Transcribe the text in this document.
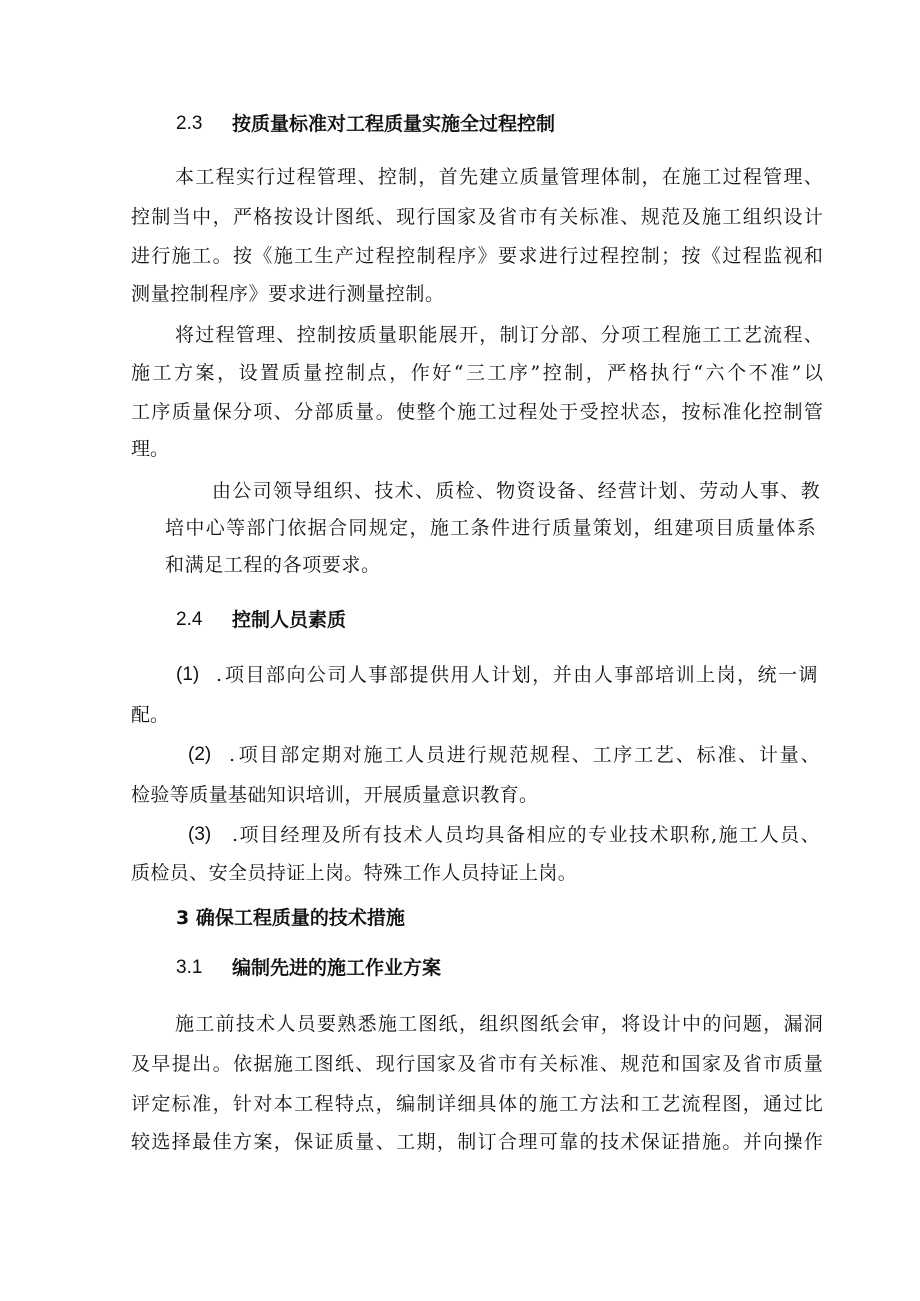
2.3 按质量标准对工程质量实施全过程控制
本 工 程 实 行 过 程 管 理 、 控 制 ， 首 先 建 立 质 量 管 理 体 制 ， 在 施 工 过 程 管 理 、
控 制 当 中 ， 严 格 按 设 计 图 纸 、 现 行 国 家 及 省 市 有 关 标 准 、 规 范 及 施 工 组 织 设 计
进 行 施 工 。 按 《 施 工 生 产 过 程 控 制 程 序 》 要 求 进 行 过 程 控 制 ； 按 《 过 程 监 视 和
测量控制程序》要求进行测量控制。
将 过 程 管 理 、 控 制 按 质 量 职 能 展 开 ， 制 订 分 部 、 分 项 工 程 施 工 工 艺 流 程 、
施 工 方 案 ， 设 置 质 量 控 制 点 ， 作 好 “ 三 工 序 ” 控 制 ， 严 格 执 行 “ 六 个 不 准 ” 以
工 序 质 量 保 分 项 、 分 部 质 量 。 使 整 个 施 工 过 程 处 于 受 控 状 态 ， 按 标 准 化 控 制 管
理。
由 公 司 领 导 组 织 、 技 术 、 质 检 、 物 资 设 备 、 经 营 计 划 、 劳 动 人 事 、 教
培 中 心 等 部 门 依 据 合 同 规 定 ， 施 工 条 件 进 行 质 量 策 划 ， 组 建 项 目 质 量 体 系
和满足工程的各项要求。
2.4 控制人员素质
(1) . 项 目 部 向 公 司 人 事 部 提 供 用 人 计 划 ， 并 由 人 事 部 培 训 上 岗 ， 统 一 调
配。
(2) . 项 目 部 定 期 对 施 工 人 员 进 行 规 范 规 程 、 工 序 工 艺 、 标 准 、 计 量 、
检验等质量基础知识培训，开展质量意识教育。
(3) . 项 目 经 理 及 所 有 技 术 人 员 均 具 备 相 应 的 专 业 技 术 职 称 , 施 工 人 员 、
质检员、安全员持证上岗。特殊工作人员持证上岗。
3 确保工程质量的技术措施
3.1 编制先进的施工作业方案
施 工 前 技 术 人 员 要 熟 悉 施 工 图 纸 ， 组 织 图 纸 会 审 ， 将 设 计 中 的 问 题 ， 漏 洞
及 早 提 出 。 依 据 施 工 图 纸 、 现 行 国 家 及 省 市 有 关 标 准 、 规 范 和 国 家 及 省 市 质 量
评 定 标 准 ， 针 对 本 工 程 特 点 ， 编 制 详 细 具 体 的 施 工 方 法 和 工 艺 流 程 图 ， 通 过 比
较 选 择 最 佳 方 案 ， 保 证 质 量 、 工 期 ， 制 订 合 理 可 靠 的 技 术 保 证 措 施 。 并 向 操 作
